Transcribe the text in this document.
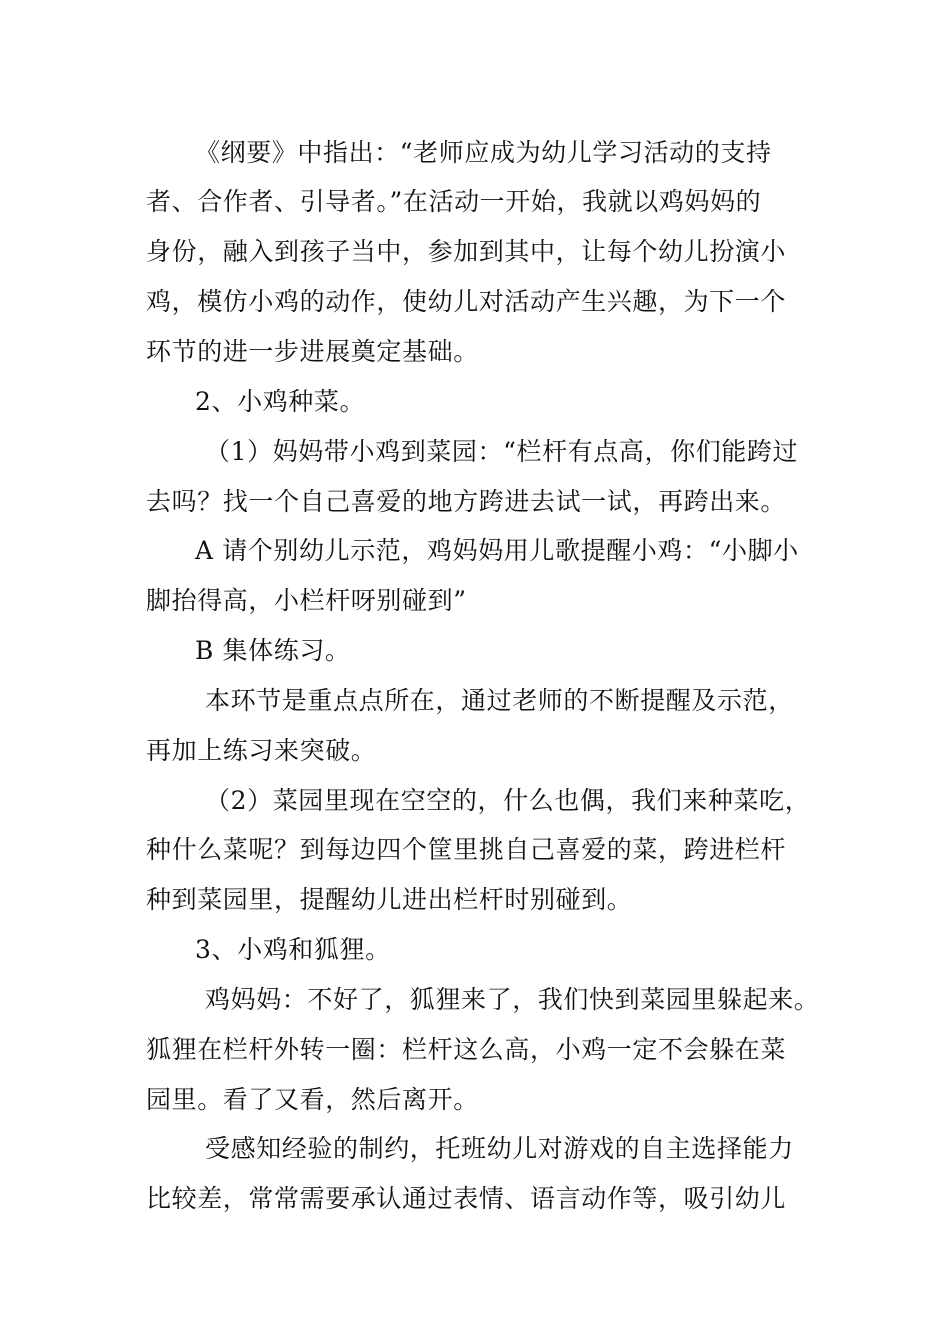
《纲要》中指出：“老师应成为幼儿学习活动的支持
者、合作者、引导者。”在活动一开始，我就以鸡妈妈的
身份，融入到孩子当中，参加到其中，让每个幼儿扮演小
鸡，模仿小鸡的动作，使幼儿对活动产生兴趣，为下一个
环节的进一步进展奠定基础。
2、小鸡种菜。
（1）妈妈带小鸡到菜园：“栏杆有点高，你们能跨过
去吗？找一个自己喜爱的地方跨进去试一试，再跨出来。
A 请个别幼儿示范，鸡妈妈用儿歌提醒小鸡：“小脚小
脚抬得高，小栏杆呀别碰到”
B 集体练习。
本环节是重点点所在，通过老师的不断提醒及示范，
再加上练习来突破。
（2）菜园里现在空空的，什么也偶，我们来种菜吃，
种什么菜呢？到每边四个筐里挑自己喜爱的菜，跨进栏杆
种到菜园里，提醒幼儿进出栏杆时别碰到。
3、小鸡和狐狸。
鸡妈妈：不好了，狐狸来了，我们快到菜园里躲起来。
狐狸在栏杆外转一圈：栏杆这么高，小鸡一定不会躲在菜
园里。看了又看，然后离开。
受感知经验的制约，托班幼儿对游戏的自主选择能力
比较差，常常需要承认通过表情、语言动作等，吸引幼儿
